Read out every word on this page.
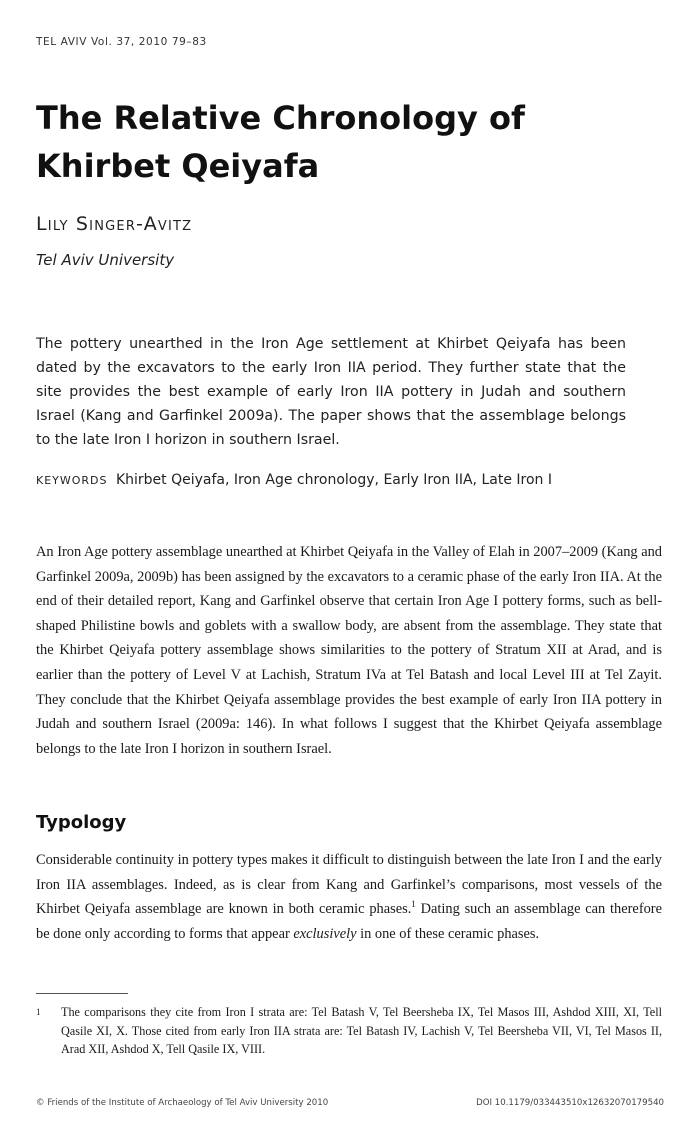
TEL AVIV Vol. 37, 2010 79–83
The Relative Chronology of Khirbet Qeiyafa
Lily Singer-Avitz
Tel Aviv University

The pottery unearthed in the Iron Age settlement at Khirbet Qeiyafa has been dated by the excavators to the early Iron IIA period. They further state that the site provides the best example of early Iron IIA pottery in Judah and southern Israel (Kang and Garfinkel 2009a). The paper shows that the assemblage belongs to the late Iron I horizon in southern Israel.

KEYWORDS Khirbet Qeiyafa, Iron Age chronology, Early Iron IIA, Late Iron I

An Iron Age pottery assemblage unearthed at Khirbet Qeiyafa in the Valley of Elah in 2007–2009 (Kang and Garfinkel 2009a, 2009b) has been assigned by the excavators to a ceramic phase of the early Iron IIA. At the end of their detailed report, Kang and Garfinkel observe that certain Iron Age I pottery forms, such as bell-shaped Philistine bowls and goblets with a swallow body, are absent from the assemblage. They state that the Khirbet Qeiyafa pottery assemblage shows similarities to the pottery of Stratum XII at Arad, and is earlier than the pottery of Level V at Lachish, Stratum IVa at Tel Batash and local Level III at Tel Zayit. They conclude that the Khirbet Qeiyafa assemblage provides the best example of early Iron IIA pottery in Judah and southern Israel (2009a: 146). In what follows I suggest that the Khirbet Qeiyafa assemblage belongs to the late Iron I horizon in southern Israel.

Typology

Considerable continuity in pottery types makes it difficult to distinguish between the late Iron I and the early Iron IIA assemblages. Indeed, as is clear from Kang and Garfinkel’s comparisons, most vessels of the Khirbet Qeiyafa assemblage are known in both ceramic phases.$^1$ Dating such an assemblage can therefore be done only according to forms that appear exclusively in one of these ceramic phases.

1 The comparisons they cite from Iron I strata are: Tel Batash V, Tel Beersheba IX, Tel Masos III, Ashdod XIII, XI, Tell Qasile XI, X. Those cited from early Iron IIA strata are: Tel Batash IV, Lachish V, Tel Beersheba VII, VI, Tel Masos II, Arad XII, Ashdod X, Tell Qasile IX, VIII.
© Friends of the Institute of Archaeology of Tel Aviv University 2010	DOI 10.1179/033443510x12632070179540
